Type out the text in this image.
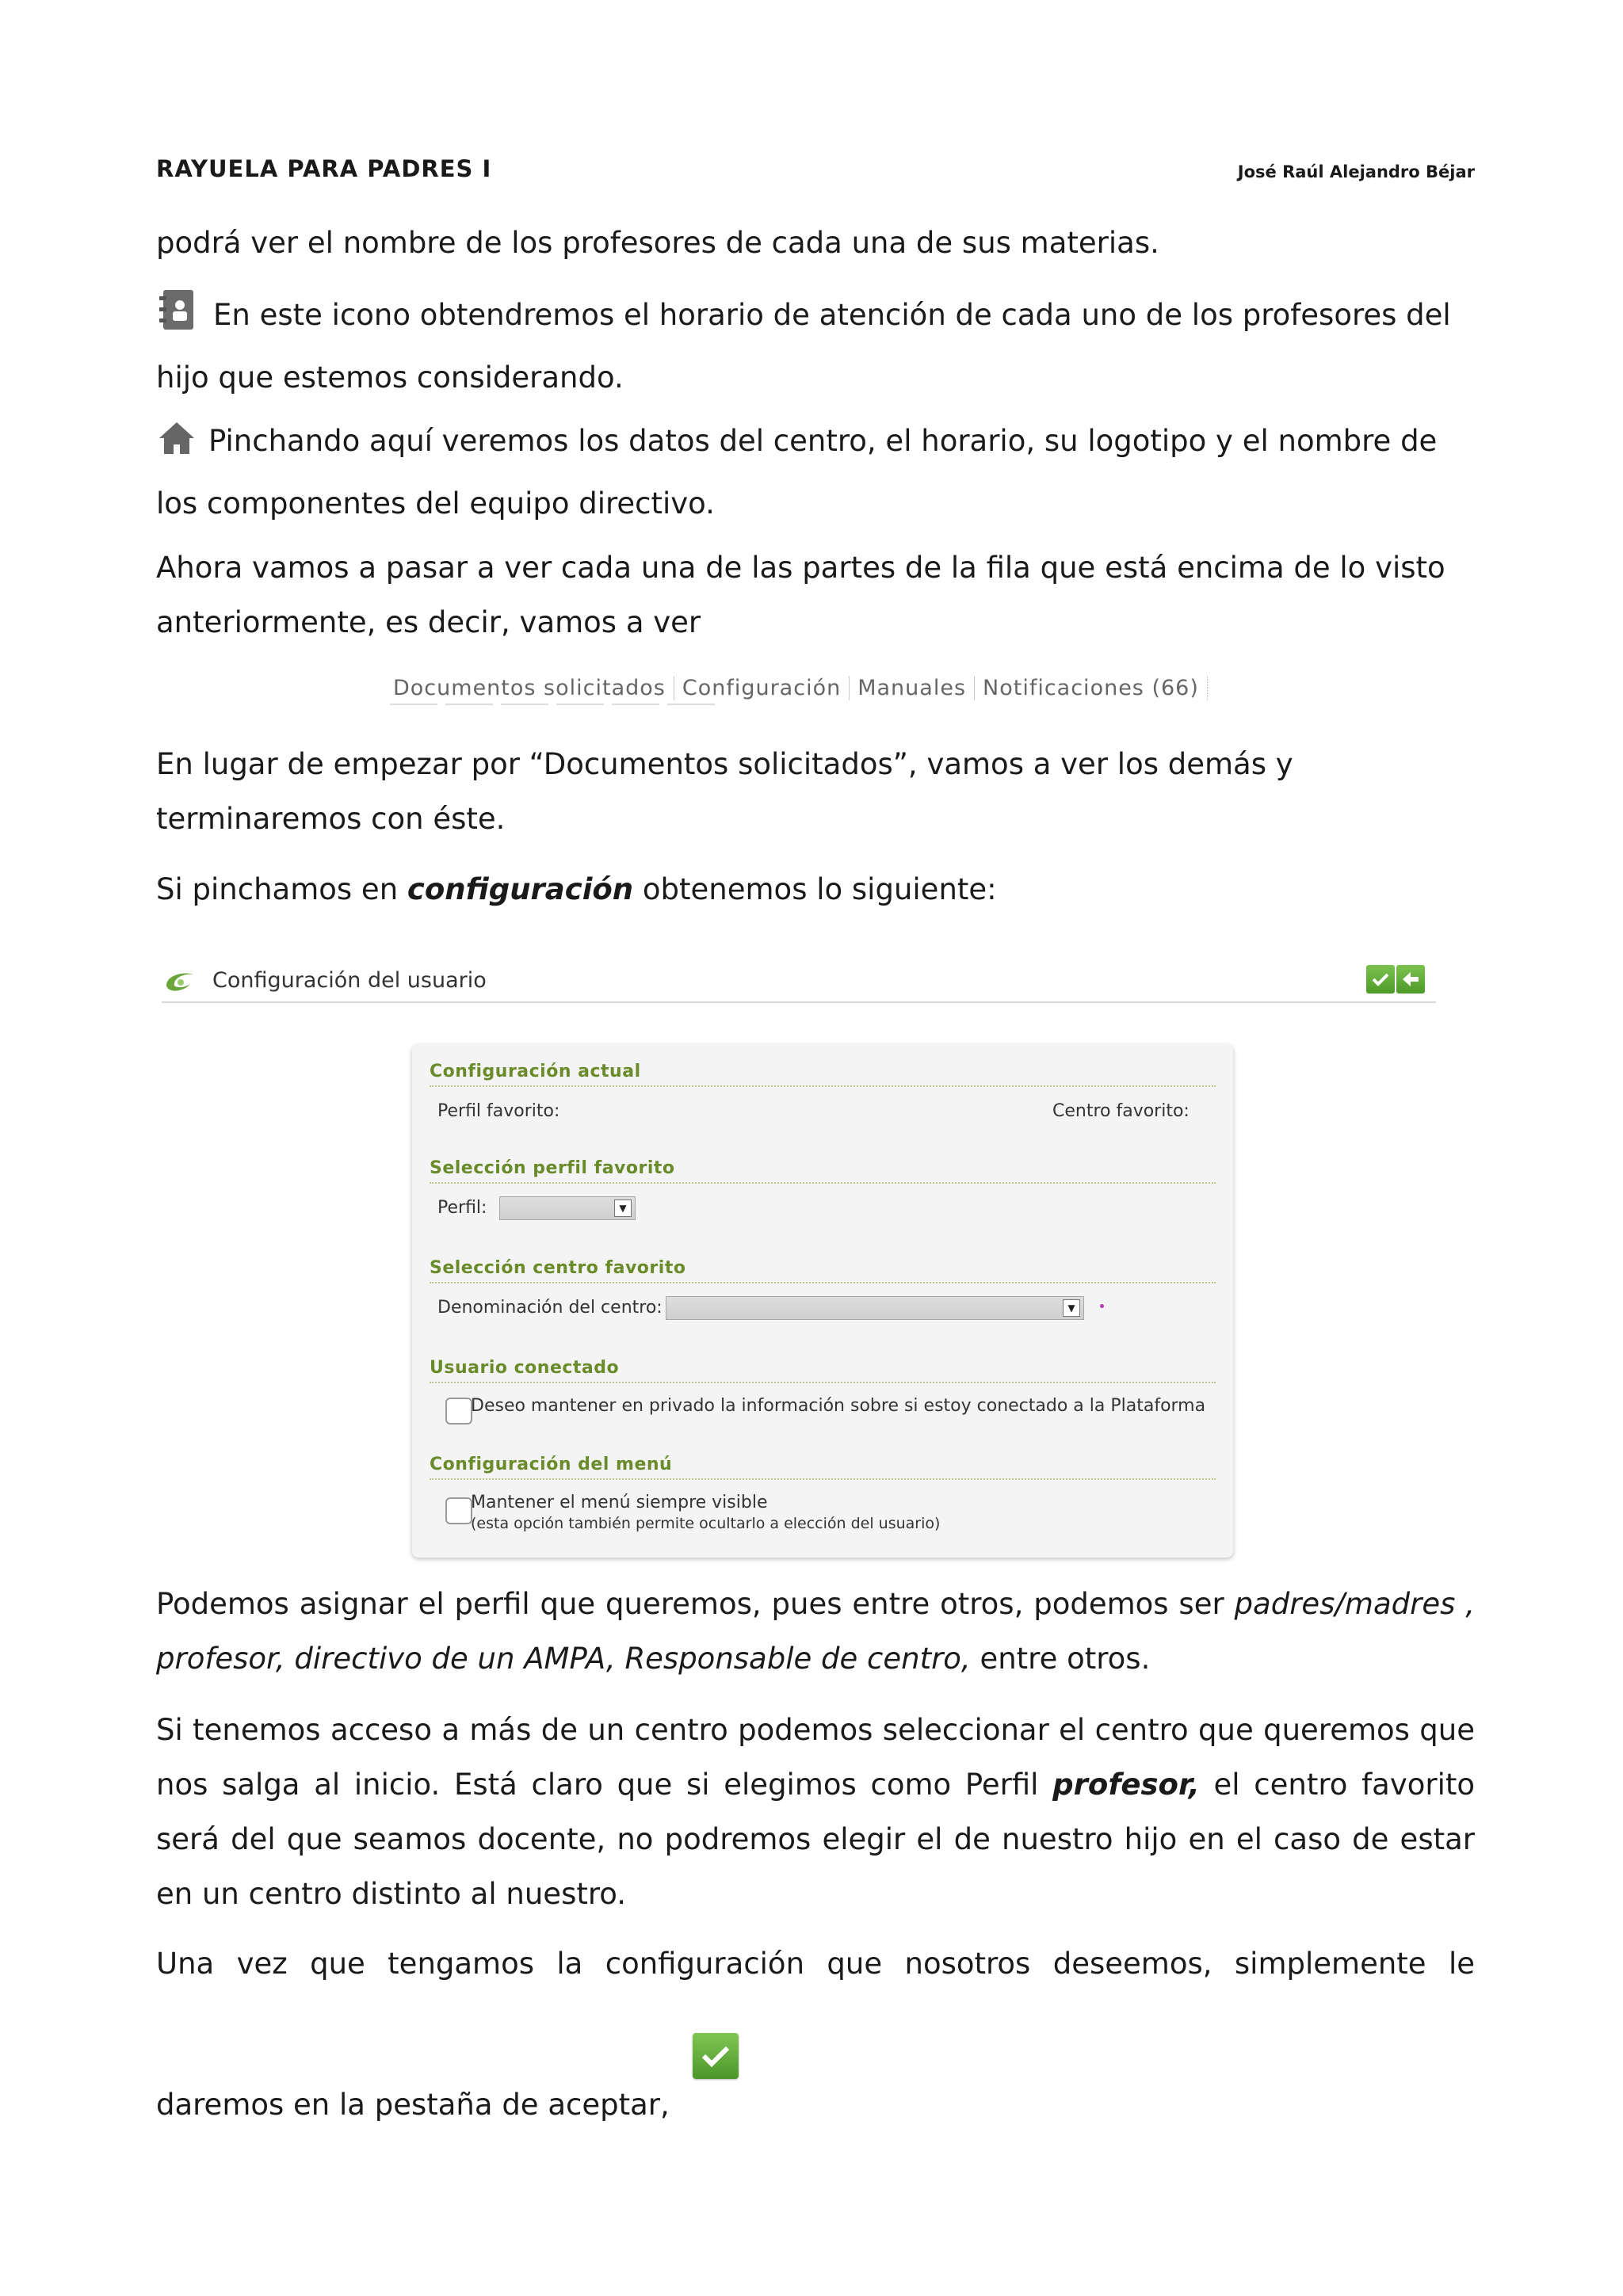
RAYUELA PARA PADRES I	José Raúl Alejandro Béjar

podrá ver el nombre de los profesores de cada una de sus materias.

En este icono obtendremos el horario de atención de cada uno de los profesores del hijo que estemos considerando.

Pinchando aquí veremos los datos del centro, el horario, su logotipo y el nombre de los componentes del equipo directivo.

Ahora vamos a pasar a ver cada una de las partes de la fila que está encima de lo visto anteriormente, es decir, vamos a ver

Documentos solicitados Configuración Manuales Notificaciones (66)

En lugar de empezar por “Documentos solicitados”, vamos a ver los demás y terminaremos con éste.

Si pinchamos en configuración obtenemos lo siguiente:

Configuración del usuario
Configuración actual
Perfil favorito:	Centro favorito:
Selección perfil favorito
Perfil:	▼
Selección centro favorito
Denominación del centro:	▼
Usuario conectado
Deseo mantener en privado la información sobre si estoy conectado a la Plataforma
Configuración del menú
Mantener el menú siempre visible
(esta opción también permite ocultarlo a elección del usuario)

Podemos asignar el perfil que queremos, pues entre otros, podemos ser padres/madres , profesor, directivo de un AMPA, Responsable de centro, entre otros.

Si tenemos acceso a más de un centro podemos seleccionar el centro que queremos que nos salga al inicio. Está claro que si elegimos como Perfil profesor, el centro favorito será del que seamos docente, no podremos elegir el de nuestro hijo en el caso de estar en un centro distinto al nuestro.

Una vez que tengamos la configuración que nosotros deseemos, simplemente le

daremos en la pestaña de aceptar,
